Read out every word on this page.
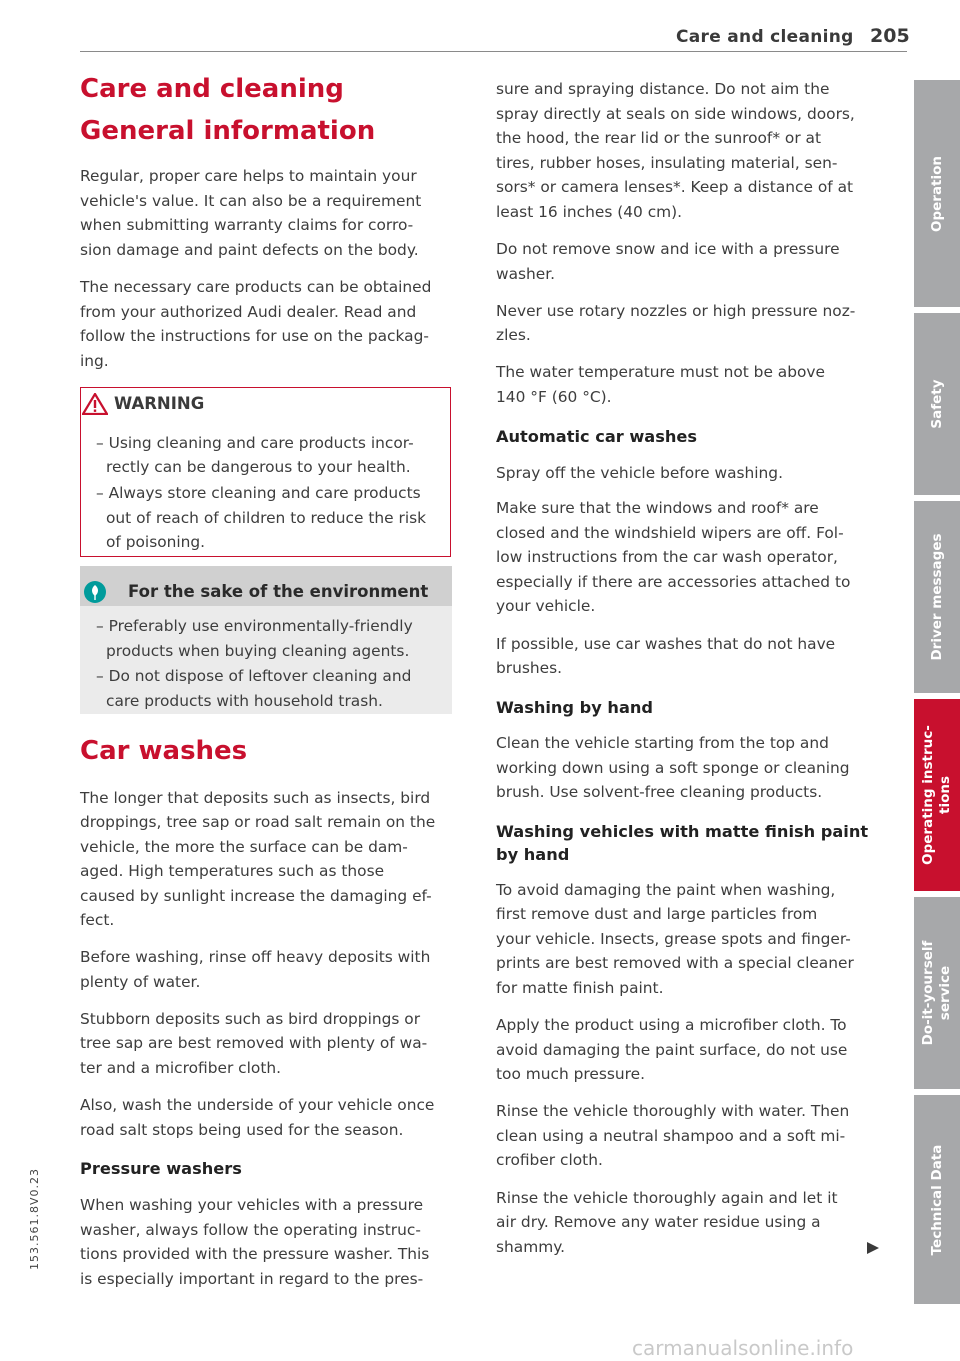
Care and cleaning 205
Care and cleaning
General information

Regular, proper care helps to maintain your

vehicle's value. It can also be a requirement

when submitting warranty claims for corro-

sion damage and paint defects on the body.

The necessary care products can be obtained

from your authorized Audi dealer. Read and

follow the instructions for use on the packag-

ing.

WARNING
– Using cleaning and care products incor-
rectly can be dangerous to your health.
– Always store cleaning and care products
out of reach of children to reduce the risk
of poisoning.
For the sake of the environment
– Preferably use environmentally-friendly
products when buying cleaning agents.
– Do not dispose of leftover cleaning and
care products with household trash.
Car washes

The longer that deposits such as insects, bird

droppings, tree sap or road salt remain on the

vehicle, the more the surface can be dam-

aged. High temperatures such as those

caused by sunlight increase the damaging ef-

fect.

Before washing, rinse off heavy deposits with

plenty of water.

Stubborn deposits such as bird droppings or

tree sap are best removed with plenty of wa-

ter and a microfiber cloth.

Also, wash the underside of your vehicle once

road salt stops being used for the season.

Pressure washers

When washing your vehicles with a pressure

washer, always follow the operating instruc-

tions provided with the pressure washer. This

is especially important in regard to the pres-

sure and spraying distance. Do not aim the

spray directly at seals on side windows, doors,

the hood, the rear lid or the sunroof* or at

tires, rubber hoses, insulating material, sen-

sors* or camera lenses*. Keep a distance of at

least 16 inches (40 cm).

Do not remove snow and ice with a pressure

washer.

Never use rotary nozzles or high pressure noz-

zles.

The water temperature must not be above

140 °F (60 °C).

Automatic car washes

Spray off the vehicle before washing.

Make sure that the windows and roof* are

closed and the windshield wipers are off. Fol-

low instructions from the car wash operator,

especially if there are accessories attached to

your vehicle.

If possible, use car washes that do not have

brushes.

Washing by hand

Clean the vehicle starting from the top and

working down using a soft sponge or cleaning

brush. Use solvent-free cleaning products.

Washing vehicles with matte finish paint
by hand

To avoid damaging the paint when washing,

first remove dust and large particles from

your vehicle. Insects, grease spots and finger-

prints are best removed with a special cleaner

for matte finish paint.

Apply the product using a microfiber cloth. To

avoid damaging the paint surface, do not use

too much pressure.

Rinse the vehicle thoroughly with water. Then

clean using a neutral shampoo and a soft mi-

crofiber cloth.

Rinse the vehicle thoroughly again and let it

air dry. Remove any water residue using a

shammy.

Operation
Safety
Driver messages
Operating instruc-
tions
Do-it-yourself
service
Technical Data
153.561.8V0.23
carmanualsonline.info
